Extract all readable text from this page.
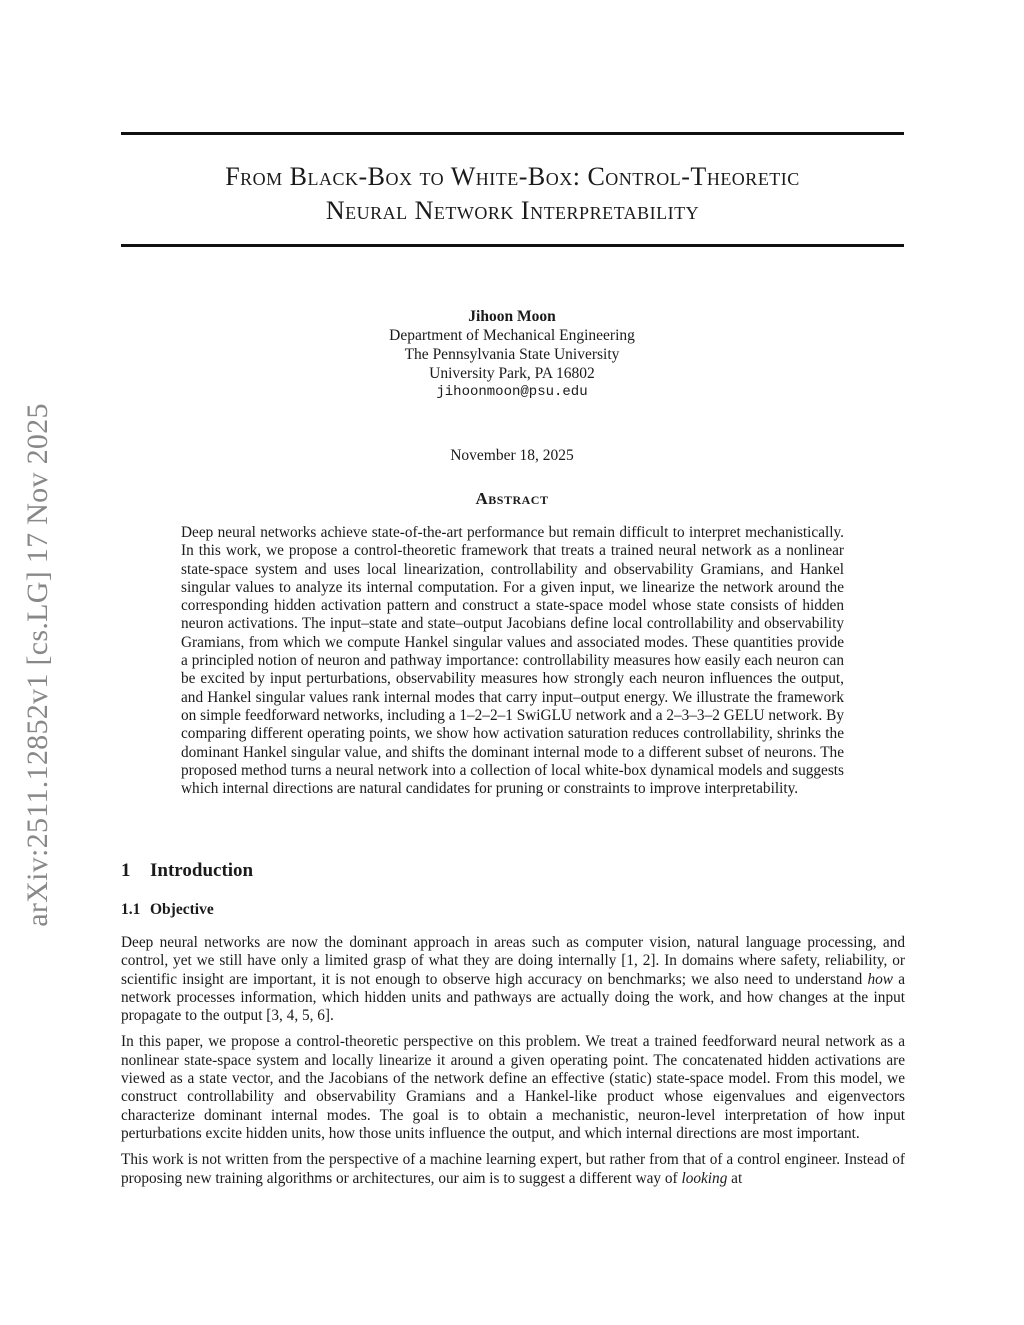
arXiv:2511.12852v1 [cs.LG] 17 Nov 2025
From Black-Box to White-Box: Control-Theoretic
Neural Network Interpretability
Jihoon Moon
Department of Mechanical Engineering
The Pennsylvania State University
University Park, PA 16802
jihoonmoon@psu.edu
November 18, 2025
Abstract
Deep neural networks achieve state-of-the-art performance but remain difficult to interpret mechanistically. In this work, we propose a control-theoretic framework that treats a trained neural network as a nonlinear state-space system and uses local linearization, controllability and observability Gramians, and Hankel singular values to analyze its internal computation. For a given input, we linearize the network around the corresponding hidden activation pattern and construct a state-space model whose state consists of hidden neuron activations. The input–state and state–output Jacobians define local controllability and observability Gramians, from which we compute Hankel singular values and associated modes. These quantities provide a principled notion of neuron and pathway importance: controllability measures how easily each neuron can be excited by input perturbations, observability measures how strongly each neuron influences the output, and Hankel singular values rank internal modes that carry input–output energy. We illustrate the framework on simple feedforward networks, including a 1–2–2–1 SwiGLU network and a 2–3–3–2 GELU network. By comparing different operating points, we show how activation saturation reduces controllability, shrinks the dominant Hankel singular value, and shifts the dominant internal mode to a different subset of neurons. The proposed method turns a neural network into a collection of local white-box dynamical models and suggests which internal directions are natural candidates for pruning or constraints to improve interpretability.
1 Introduction
1.1 Objective

Deep neural networks are now the dominant approach in areas such as computer vision, natural language processing, and control, yet we still have only a limited grasp of what they are doing internally [1, 2]. In domains where safety, reliability, or scientific insight are important, it is not enough to observe high accuracy on benchmarks; we also need to understand how a network processes information, which hidden units and pathways are actually doing the work, and how changes at the input propagate to the output [3, 4, 5, 6].

In this paper, we propose a control-theoretic perspective on this problem. We treat a trained feedforward neural network as a nonlinear state-space system and locally linearize it around a given operating point. The concatenated hidden activations are viewed as a state vector, and the Jacobians of the network define an effective (static) state-space model. From this model, we construct controllability and observability Gramians and a Hankel-like product whose eigenvalues and eigenvectors characterize dominant internal modes. The goal is to obtain a mechanistic, neuron-level interpretation of how input perturbations excite hidden units, how those units influence the output, and which internal directions are most important.

This work is not written from the perspective of a machine learning expert, but rather from that of a control engineer. Instead of proposing new training algorithms or architectures, our aim is to suggest a different way of looking at
